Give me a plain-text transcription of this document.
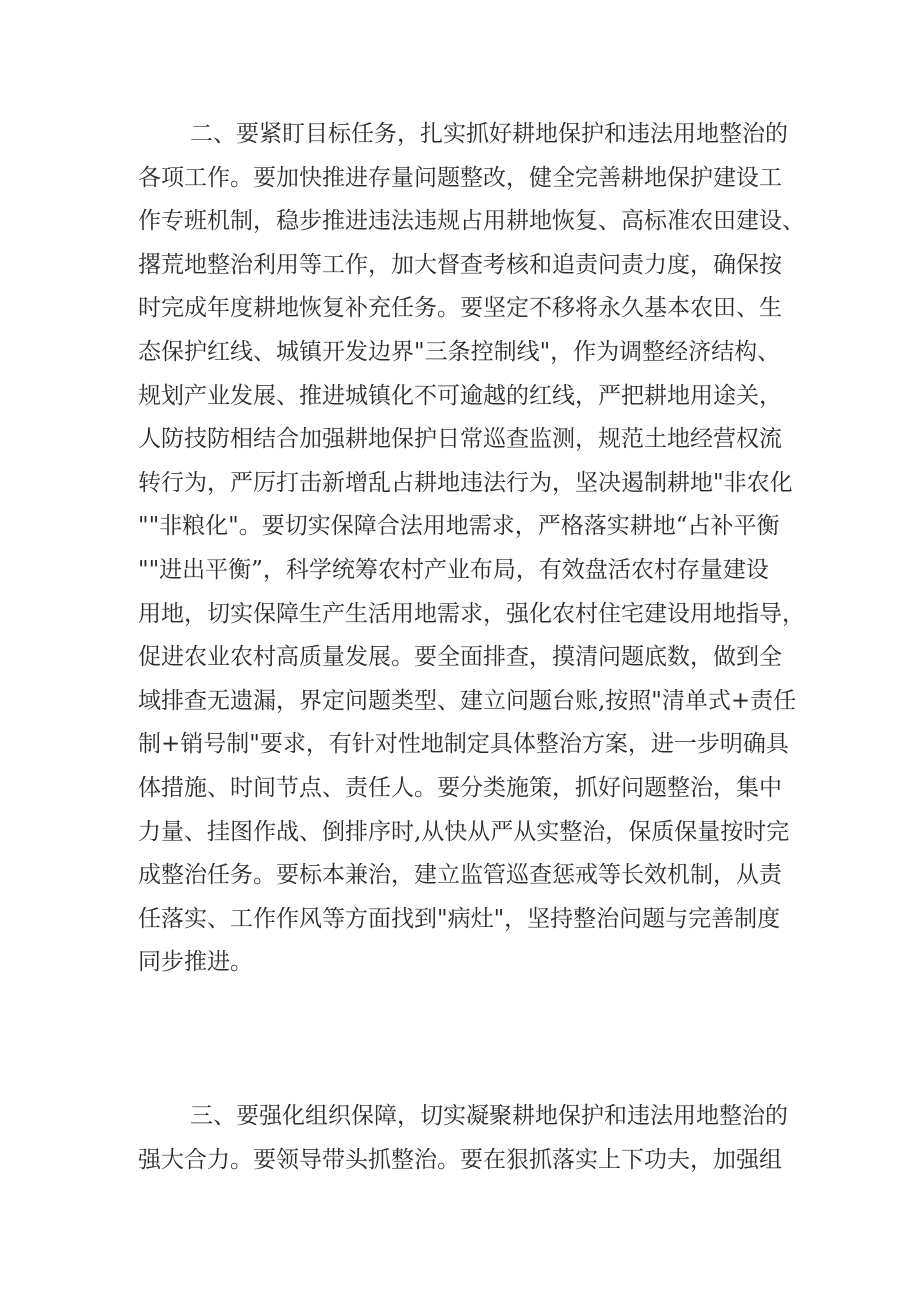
二、要紧盯目标任务，扎实抓好耕地保护和违法用地整治的
各项工作。要加快推进存量问题整改，健全完善耕地保护建设工
作专班机制，稳步推进违法违规占用耕地恢复、高标准农田建设、
撂荒地整治利用等工作，加大督查考核和追责问责力度，确保按
时完成年度耕地恢复补充任务。要坚定不移将永久基本农田、生
态保护红线、城镇开发边界"三条控制线"，作为调整经济结构、
规划产业发展、推进城镇化不可逾越的红线，严把耕地用途关，
人防技防相结合加强耕地保护日常巡查监测，规范土地经营权流
转行为，严厉打击新增乱占耕地违法行为，坚决遏制耕地"非农化
""非粮化"。要切实保障合法用地需求，严格落实耕地“占补平衡
""进出平衡”，科学统筹农村产业布局，有效盘活农村存量建设
用地，切实保障生产生活用地需求，强化农村住宅建设用地指导，
促进农业农村高质量发展。要全面排查，摸清问题底数，做到全
域排查无遗漏，界定问题类型、建立问题台账,按照"清单式+责任
制+销号制"要求，有针对性地制定具体整治方案，进一步明确具
体措施、时间节点、责任人。要分类施策，抓好问题整治，集中
力量、挂图作战、倒排序时,从快从严从实整治，保质保量按时完
成整治任务。要标本兼治，建立监管巡查惩戒等长效机制，从责
任落实、工作作风等方面找到"病灶"，坚持整治问题与完善制度
同步推进。
三、要强化组织保障，切实凝聚耕地保护和违法用地整治的
强大合力。要领导带头抓整治。要在狠抓落实上下功夫，加强组
